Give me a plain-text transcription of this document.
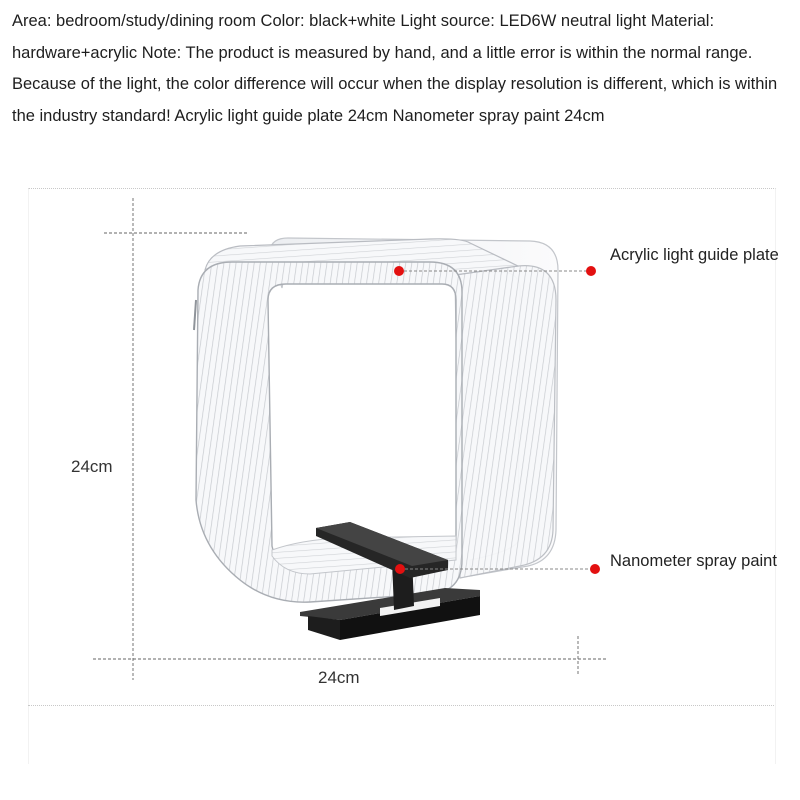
Area: bedroom/study/dining room Color: black+white Light source: LED6W neutral light Material: hardware+acrylic Note: The product is measured by hand, and a little error is within the normal range. Because of the light, the color difference will occur when the display resolution is different, which is within the industry standard! Acrylic light guide plate 24cm Nanometer spray paint 24cm

24cm
24cm
Acrylic light guide plate
Nanometer spray paint
